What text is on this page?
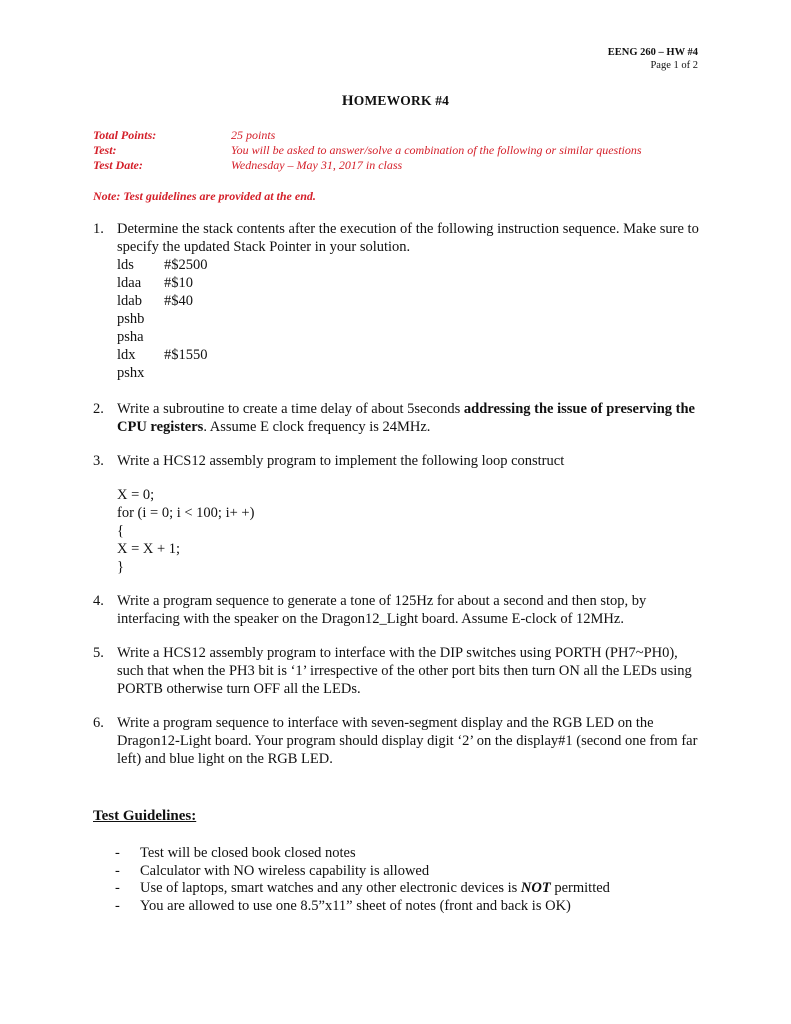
EENG 260 – HW #4
Page 1 of 2
HOMEWORK #4
Total Points:	25 points
Test:	You will be asked to answer/solve a combination of the following or similar questions
Test Date:	Wednesday – May 31, 2017 in class
Note: Test guidelines are provided at the end.
1. Determine the stack contents after the execution of the following instruction sequence. Make sure to specify the updated Stack Pointer in your solution.
lds	#$2500
ldaa	#$10
ldab	#$40
pshb
psha
ldx	#$1550
pshx
2. Write a subroutine to create a time delay of about 5seconds addressing the issue of preserving the CPU registers. Assume E clock frequency is 24MHz.
3. Write a HCS12 assembly program to implement the following loop construct
X = 0;
for (i = 0; i < 100; i+ +)
{
X = X + 1;
}
4. Write a program sequence to generate a tone of 125Hz for about a second and then stop, by interfacing with the speaker on the Dragon12_Light board. Assume E-clock of 12MHz.
5. Write a HCS12 assembly program to interface with the DIP switches using PORTH (PH7~PH0), such that when the PH3 bit is ‘1’ irrespective of the other port bits then turn ON all the LEDs using PORTB otherwise turn OFF all the LEDs.
6. Write a program sequence to interface with seven-segment display and the RGB LED on the Dragon12-Light board. Your program should display digit ‘2’ on the display#1 (second one from far left) and blue light on the RGB LED.
Test Guidelines:
-	Test will be closed book closed notes
-	Calculator with NO wireless capability is allowed
-	Use of laptops, smart watches and any other electronic devices is NOT permitted
-	You are allowed to use one 8.5”x11” sheet of notes (front and back is OK)
